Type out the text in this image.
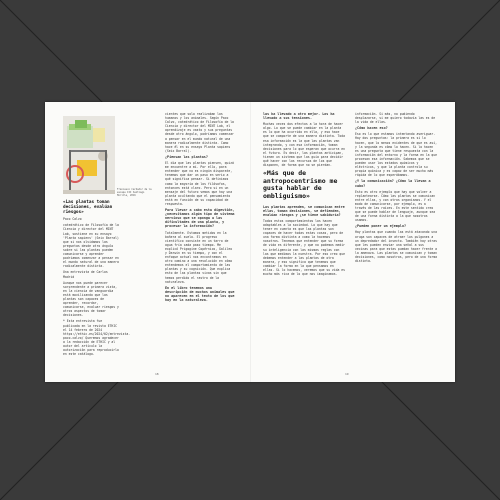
Francesco Cardador de la escape III Santiago Morilla, 2016
«Las plantas toman decisiones, evalúan riesgos»

Paco Calvo

catedrático de Filosofía de la Ciencia y director del MINT Lab, sostiene en su ensayo 'Planta sapiens' (Seix Barral) que si nos olvidamos las preguntas desde otro ángulo sobre si las plantas pueden comunicarse y aprender podríamos comenzar a pensar en el mundo natural de una manera radicalmente distinta.

Una entrevista de Carlos Madrid

Aunque nos puede parecer sorprendente a primera vista, en la ciencia de vanguardia está movilizando que las plantas son capaces de aprender, recordar, comunicarse, evaluar riesgos y otros aspectos de tomar decisiones.

* Esta entrevista fue publicada en la revista ETHIC el 14 febrero de 2024 https://ethic.es/2024/02/entrevista-paco-calvo/ Queremos agradecer a la redacción de ETHIC y al autor del artículo la autorización para reproducirlo en este catálogo.

cientes que solo realizaban los humanos y los animales. Según Paco Calvo, catedrático de Filosofía de la Ciencia y director del MINT Lab, el aprendizaje es vasto y sus preguntas desde otro ángulo, podríamos comenzar a pensar en el mundo natural de una manera radicalmente distinta. Como hace él en su ensayo Planta sapiens (Seix Barral).

¿Piensan las plantas?

El día que las plantas piensen, quizá me encuentre a mí. Por ello, para entender que no es ningún disparate, tenemos que dar un paso en serio a qué significa pensar. Si definimos como la mayoría de los filósofos, entonces está claro. Pero si en un mensaje del futuro vemos que hay una planta ocultando que el pensamiento está en función de su capacidad de respuesta.

Para llevar a cabo esta digestión, ¿necesitamos algún tipo de sistema nervioso que se oponga a las dificultades de una planta, y procesar la información?

Totalmente. Estamos metidos en la bañera al suelo. El progreso científico consiste en un tarro de agua fría cada paso tiempo. Me explicó Prigogine Copérnico, Galileo y Darwin en su tiempo, y con el enfoque actual nos encontramos en otro camino a una revolución en cómo entendemos el comportamiento de las plantas y su cognición. Que explica esto de las plantas vivas sin que hemos perdido el rastro de la naturaleza.

En el libro tenemos una descripción de muchos animales que no aparecen en el texto de los que hay en la naturaleza.

18

las ha llevado a otro mejor. Los ha llevado a sus tensiones.

Muchas veces dos efectos a la hora de hacer algo. Lo que se puede cambiar en la planta es lo que ha ocurrido en ella, y eso hace que se comporte de una manera distinta. Toda esa información es la que las plantas van integrando, y con esa información, toman decisiones para lo que esperan que ocurra en el futuro. Es decir, las plantas anticipan, tienen un sistema que las guía para decidir qué hacer con los recursos de los que disponen, de forma que no se pierdan.

«Más que de antropocentrismo me gusta hablar de ombliguismo»

Las plantas aprenden, se comunican entre ellas, toman decisiones, se defienden, evalúan riesgos y ¿se tiene sabiduría?

Todos estos comportamientos los hacen adaptables a la sociedad. Lo que hay que tener en cuenta es que las plantas son capaces de hacer todas estas cosas, pero de una forma distinta a como la hacemos nosotros. Tenemos que entender que su forma de vida es diferente, y que no podemos medir su inteligencia con las mismas reglas con las que medimos la nuestra. Por eso creo que debemos entender a las plantas de otra manera, y eso significa que tenemos que cambiar la forma en la que pensamos en ellas. Si lo hacemos, veremos que su vida es mucho más rica de lo que nos imaginamos.

información. Si más, no pudiendo desplazarse, si me quiero todavía las es de la vida de ellas.

¿Cómo hacen eso?

Eso es lo que estamos intentando averiguar. Hay dos preguntas: la primera es si lo hacen, que lo menos evidentes de que es así, y la segunda es cómo lo hacen. Si lo hacen es una pregunta que tiene respuesta con la información del entorno y la forma en la que procesan esa información. Sabemos que se pueden usar los estados químicos y eléctricos, y que la planta controla su propia química y es capaz de ser mucho más rápida de lo que esperábamos.

¿Y la comunicación? ¿Cómo la llevan a cabo?

Esto es otro ejemplo que hay que volver a replantearse. Cómo las plantas se comunican entre ellas, y con otros organismos. Y el modo de comunicarse, por ejemplo, es a través de las raíces. En este sentido creo que se puede hablar de lenguaje, aunque sea de una forma distinta a la que nosotros usamos.

¿Pueden poner un ejemplo?

Hay plantas que cuando las está atacando una oruga son capaces de atraer los pulgones a un depredador del insecto. También hay otras que les pueden enviar una señal a sus vecinas para que estas puedan hacer frente a la amenaza. Las plantas se comunican y toman decisiones, como nosotros, pero de una forma distinta.

19
